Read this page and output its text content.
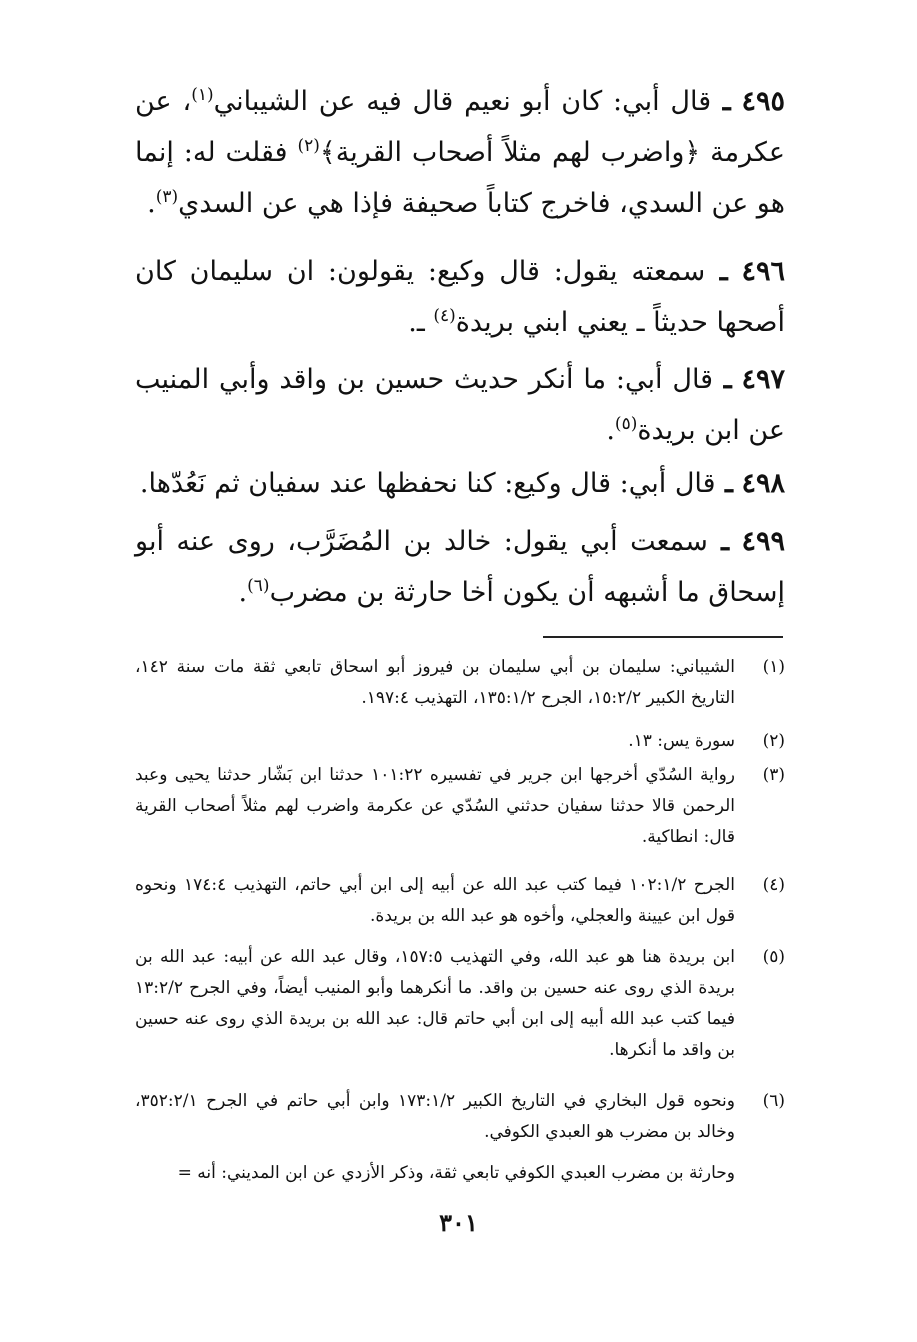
٤٩٥ ـ قال أبي: كان أبو نعيم قال فيه عن الشيباني$^{(١)}$، عن عكرمة ﴿واضرب لهم مثلاً أصحاب القرية﴾$^{(٢)}$ فقلت له: إنما هو عن السدي، فاخرج كتاباً صحيفة فإذا هي عن السدي$^{(٣)}$.

٤٩٦ ـ سمعته يقول: قال وكيع: يقولون: ان سليمان كان أصحها حديثاً ـ يعني ابني بريدة$^{(٤)}$ ـ.

٤٩٧ ـ قال أبي: ما أنكر حديث حسين بن واقد وأبي المنيب عن ابن بريدة$^{(٥)}$.

٤٩٨ ـ قال أبي: قال وكيع: كنا نحفظها عند سفيان ثم نَعُدّها.

٤٩٩ ـ سمعت أبي يقول: خالد بن المُضَرَّب، روى عنه أبو إسحاق ما أشبهه أن يكون أخا حارثة بن مضرب$^{(٦)}$.

(١)
الشيباني: سليمان بن أبي سليمان بن فيروز أبو اسحاق تابعي ثقة مات سنة ١٤٢، التاريخ الكبير ١٥:٢/٢، الجرح ١٣٥:١/٢، التهذيب ١٩٧:٤.
(٢)
سورة يس: ١٣.
(٣)
رواية السُدّي أخرجها ابن جرير في تفسيره ١٠١:٢٢ حدثنا ابن بَشّار حدثنا يحيى وعبد الرحمن قالا حدثنا سفيان حدثني السُدّي عن عكرمة واضرب لهم مثلاً أصحاب القرية قال: انطاكية.
(٤)
الجرح ١٠٢:١/٢ فيما كتب عبد الله عن أبيه إلى ابن أبي حاتم، التهذيب ١٧٤:٤ ونحوه قول ابن عيينة والعجلي، وأخوه هو عبد الله بن بريدة.
(٥)
ابن بريدة هنا هو عبد الله، وفي التهذيب ١٥٧:٥، وقال عبد الله عن أبيه: عبد الله بن بريدة الذي روى عنه حسين بن واقد. ما أنكرهما وأبو المنيب أيضاً، وفي الجرح ١٣:٢/٢ فيما كتب عبد الله أبيه إلى ابن أبي حاتم قال: عبد الله بن بريدة الذي روى عنه حسين بن واقد ما أنكرها.
(٦)
ونحوه قول البخاري في التاريخ الكبير ١٧٣:١/٢ وابن أبي حاتم في الجرح ٣٥٢:٢/١، وخالد بن مضرب هو العبدي الكوفي.
وحارثة بن مضرب العبدي الكوفي تابعي ثقة، وذكر الأزدي عن ابن المديني: أنه =
٣٠١
